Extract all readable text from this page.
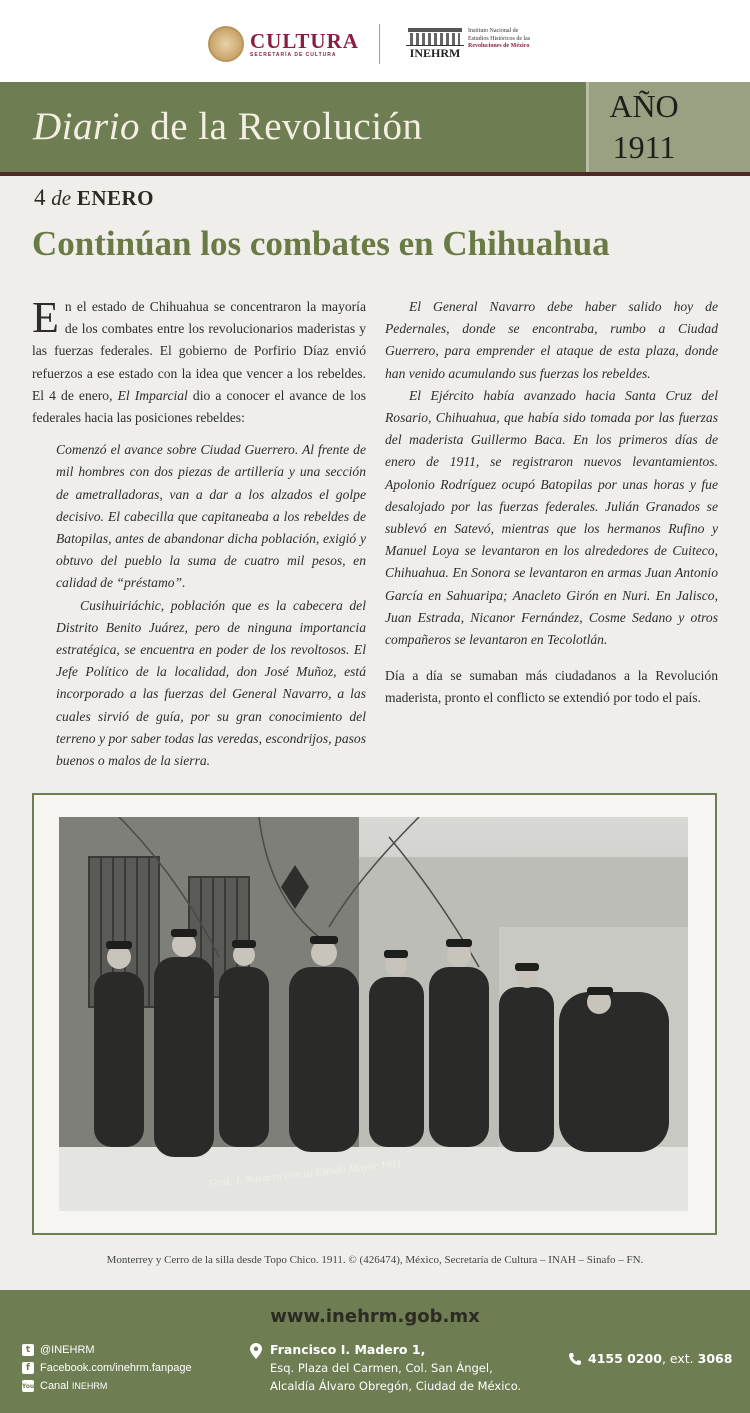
CULTURA
SECRETARÍA DE CULTURA	INEHRM
Instituto Nacional de
Estudios Históricos de las
Revoluciones de México
Diario de la Revolución	AÑO
1911
4 de ENERO
Continúan los combates en Chihuahua

En el estado de Chihuahua se concentraron la mayoría de los combates entre los revolucionarios maderistas y las fuerzas federales. El gobierno de Porfirio Díaz envió refuerzos a ese estado con la idea que vencer a los rebeldes. El 4 de enero, El Imparcial dio a conocer el avance de los federales hacia las posiciones rebeldes:

Comenzó el avance sobre Ciudad Guerrero. Al frente de mil hombres con dos piezas de artillería y una sección de ametralladoras, van a dar a los alzados el golpe decisivo. El cabecilla que capitaneaba a los rebeldes de Batopilas, antes de abandonar dicha población, exigió y obtuvo del pueblo la suma de cuatro mil pesos, en calidad de “préstamo”.

Cusihuiriáchic, población que es la cabecera del Distrito Benito Juárez, pero de ninguna importancia estratégica, se encuentra en poder de los revoltosos. El Jefe Político de la localidad, don José Muñoz, está incorporado a las fuerzas del General Navarro, a las cuales sirvió de guía, por su gran conocimiento del terreno y por saber todas las veredas, escondrijos, pasos buenos o malos de la sierra.

El General Navarro debe haber salido hoy de Pedernales, donde se encontraba, rumbo a Ciudad Guerrero, para emprender el ataque de esta plaza, donde han venido acumulando sus fuerzas los rebeldes.

El Ejército había avanzado hacia Santa Cruz del Rosario, Chihuahua, que había sido tomada por las fuerzas del maderista Guillermo Baca. En los primeros días de enero de 1911, se registraron nuevos levantamientos. Apolonio Rodríguez ocupó Batopilas por unas horas y fue desalojado por las fuerzas federales. Julián Granados se sublevó en Satevó, mientras que los hermanos Rufino y Manuel Loya se levantaron en los alrededores de Cuiteco, Chihuahua. En Sonora se levantaron en armas Juan Antonio García en Sahuaripa; Anacleto Girón en Nuri. En Jalisco, Juan Estrada, Nicanor Fernández, Cosme Sedano y otros compañeros se levantaron en Tecolotlán.

Día a día se sumaban más ciudadanos a la Revolución maderista, pronto el conflicto se extendió por todo el país.

Gral. J. Navarro con su Estado Mayor 1911
Monterrey y Cerro de la silla desde Topo Chico. 1911. © (426474), México, Secretaría de Cultura – INAH – Sinafo – FN.
www.inehrm.gob.mx
t @INEHRM
f Facebook.com/inehrm.fanpage
You Canal
INEHRM
Francisco I. Madero 1,
Esq. Plaza del Carmen, Col. San Ángel,
Alcaldía Álvaro Obregón, Ciudad de México.
4155 0200 , ext.
3068
